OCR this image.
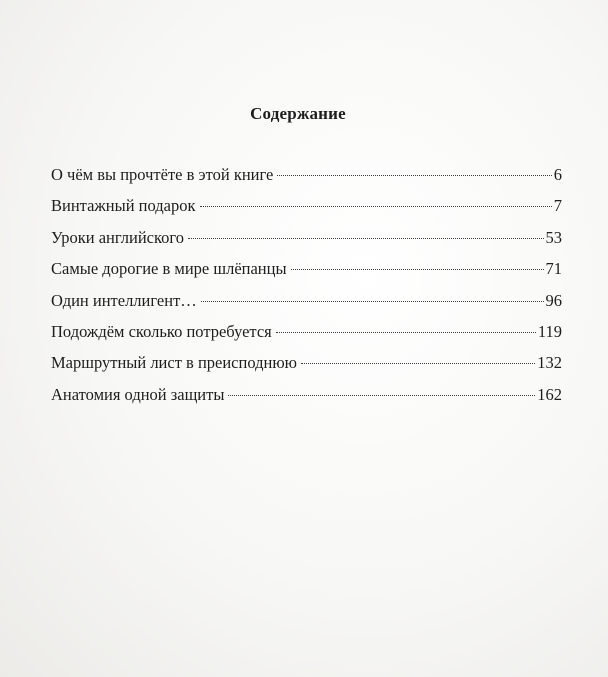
Содержание
О чём вы прочтёте в этой книге	6
Винтажный подарок	7
Уроки английского	53
Самые дорогие в мире шлёпанцы	71
Один интеллигент…	96
Подождём сколько потребуется	119
Маршрутный лист в преисподнюю	132
Анатомия одной защиты	162
